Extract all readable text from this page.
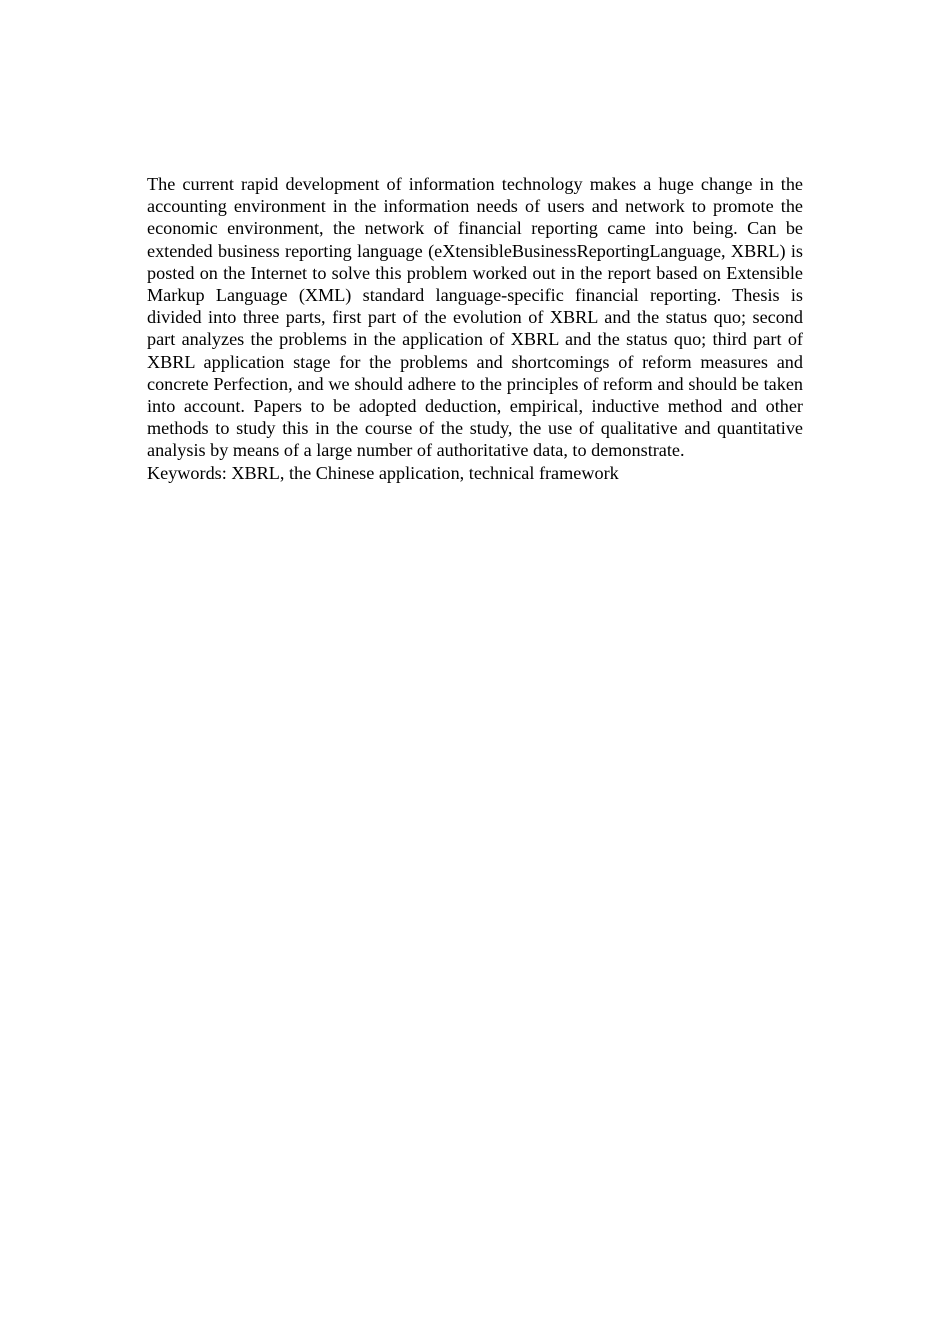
The current rapid development of information technology makes a huge change in the accounting environment in the information needs of users and network to promote the economic environment, the network of financial reporting came into being. Can be extended business reporting language (eXtensibleBusinessReportingLanguage, XBRL) is posted on the Internet to solve this problem worked out in the report based on Extensible Markup Language (XML) standard language-specific financial reporting. Thesis is divided into three parts, first part of the evolution of XBRL and the status quo; second part analyzes the problems in the application of XBRL and the status quo; third part of XBRL application stage for the problems and shortcomings of reform measures and concrete Perfection, and we should adhere to the principles of reform and should be taken into account. Papers to be adopted deduction, empirical, inductive method and other methods to study this in the course of the study, the use of qualitative and quantitative analysis by means of a large number of authoritative data, to demonstrate.

Keywords: XBRL, the Chinese application, technical framework
